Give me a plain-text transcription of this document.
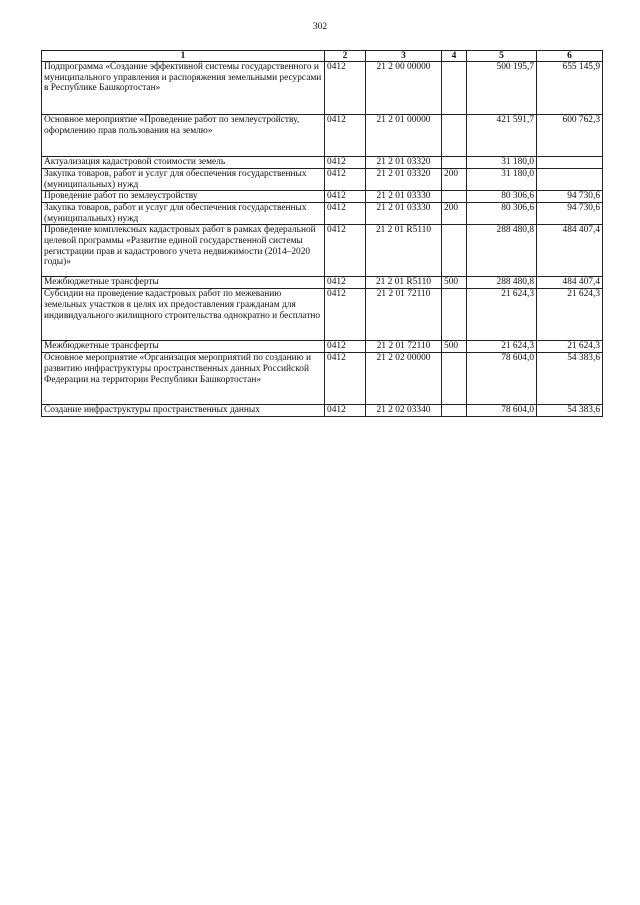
302
1	2	3	4	5	6
Подпрограмма «Создание эффективной системы государственного и муниципального управления и распоряжения земельными ресурсами в Республике Башкортостан»	0412	21 2 00 00000		500 195,7	655 145,9
Основное мероприятие «Проведение работ по землеустройству, оформлению прав пользования на землю»	0412	21 2 01 00000		421 591,7	600 762,3
Актуализация кадастровой стоимости земель	0412	21 2 01 03320		31 180,0	
Закупка товаров, работ и услуг для обеспечения государственных (муниципальных) нужд	0412	21 2 01 03320	200	31 180,0	
Проведение работ по землеустройству	0412	21 2 01 03330		80 306,6	94 730,6
Закупка товаров, работ и услуг для обеспечения государственных (муниципальных) нужд	0412	21 2 01 03330	200	80 306,6	94 730,6
Проведение комплексных кадастровых работ в рамках федеральной целевой программы «Развитие единой государственной системы регистрации прав и кадастрового учета недвижимости (2014–2020 годы)»	0412	21 2 01 R5110		288 480,8	484 407,4
Межбюджетные трансферты	0412	21 2 01 R5110	500	288 480,8	484 407,4
Субсидии на проведение кадастровых работ по межеванию земельных участков в целях их предоставления гражданам для индивидуального жилищного строительства однократно и бесплатно	0412	21 2 01 72110		21 624,3	21 624,3
Межбюджетные трансферты	0412	21 2 01 72110	500	21 624,3	21 624,3
Основное мероприятие «Организация мероприятий по созданию и развитию инфраструктуры пространственных данных Российской Федерации на территории Республики Башкортостан»	0412	21 2 02 00000		78 604,0	54 383,6
Создание инфраструктуры пространственных данных	0412	21 2 02 03340		78 604,0	54 383,6
